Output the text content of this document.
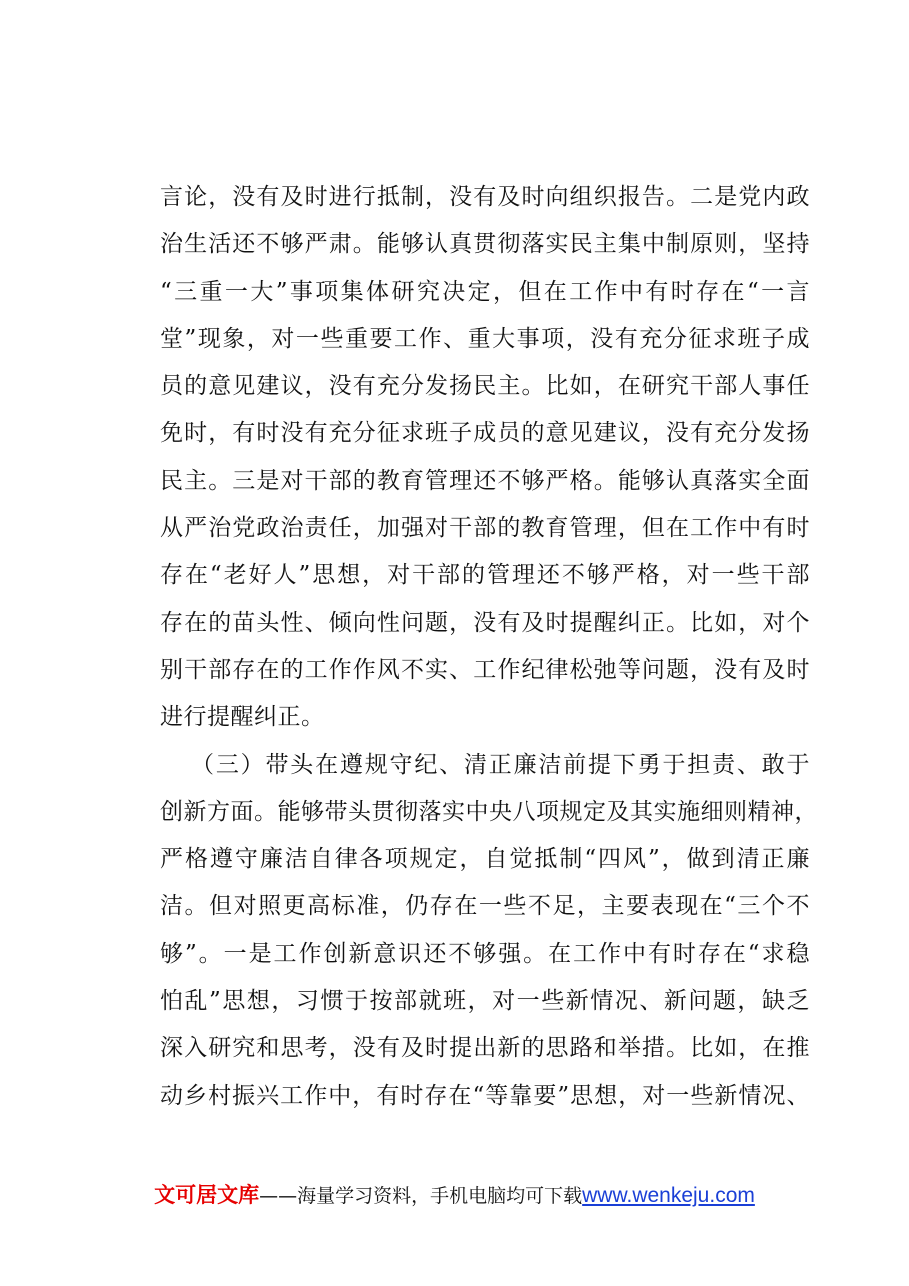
言论，没有及时进行抵制，没有及时向组织报告。二是党内政
治生活还不够严肃。能够认真贯彻落实民主集中制原则，坚持
“三重一大”事项集体研究决定，但在工作中有时存在“一言
堂”现象，对一些重要工作、重大事项，没有充分征求班子成
员的意见建议，没有充分发扬民主。比如，在研究干部人事任
免时，有时没有充分征求班子成员的意见建议，没有充分发扬
民主。三是对干部的教育管理还不够严格。能够认真落实全面
从严治党政治责任，加强对干部的教育管理，但在工作中有时
存在“老好人”思想，对干部的管理还不够严格，对一些干部
存在的苗头性、倾向性问题，没有及时提醒纠正。比如，对个
别干部存在的工作作风不实、工作纪律松弛等问题，没有及时
进行提醒纠正。
（三）带头在遵规守纪、清正廉洁前提下勇于担责、敢于
创新方面。能够带头贯彻落实中央八项规定及其实施细则精神，
严格遵守廉洁自律各项规定，自觉抵制“四风”，做到清正廉
洁。但对照更高标准，仍存在一些不足，主要表现在“三个不
够”。一是工作创新意识还不够强。在工作中有时存在“求稳
怕乱”思想，习惯于按部就班，对一些新情况、新问题，缺乏
深入研究和思考，没有及时提出新的思路和举措。比如，在推
动乡村振兴工作中，有时存在“等靠要”思想，对一些新情况、
文可居文库——海量学习资料，手机电脑均可下载www.wenkeju.com
